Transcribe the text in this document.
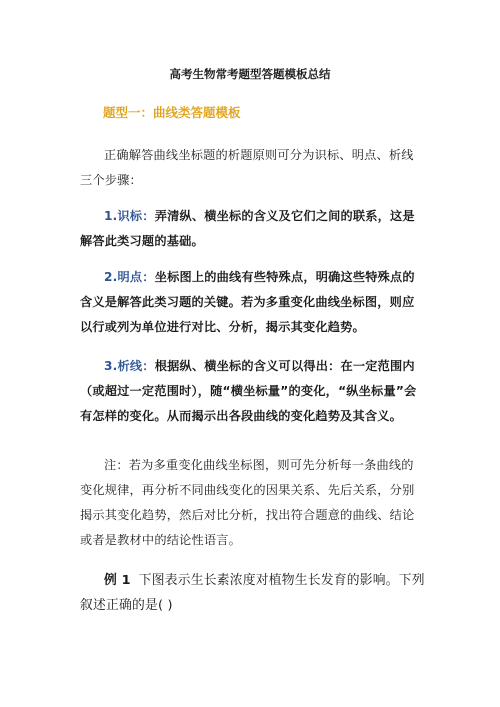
高考生物常考题型答题模板总结
题型一：曲线类答题模板

正确解答曲线坐标题的析题原则可分为识标、明点、析线三个步骤：

1.识标：弄清纵、横坐标的含义及它们之间的联系，这是解答此类习题的基础。

2.明点：坐标图上的曲线有些特殊点，明确这些特殊点的含义是解答此类习题的关键。若为多重变化曲线坐标图，则应以行或列为单位进行对比、分析，揭示其变化趋势。

3.析线：根据纵、横坐标的含义可以得出：在一定范围内（或超过一定范围时），随“横坐标量”的变化，“纵坐标量”会有怎样的变化。从而揭示出各段曲线的变化趋势及其含义。

注：若为多重变化曲线坐标图，则可先分析每一条曲线的变化规律，再分析不同曲线变化的因果关系、先后关系，分别揭示其变化趋势，然后对比分析，找出符合题意的曲线、结论或者是教材中的结论性语言。

例 1 下图表示生长素浓度对植物生长发育的影响。下列叙述正确的是( )
